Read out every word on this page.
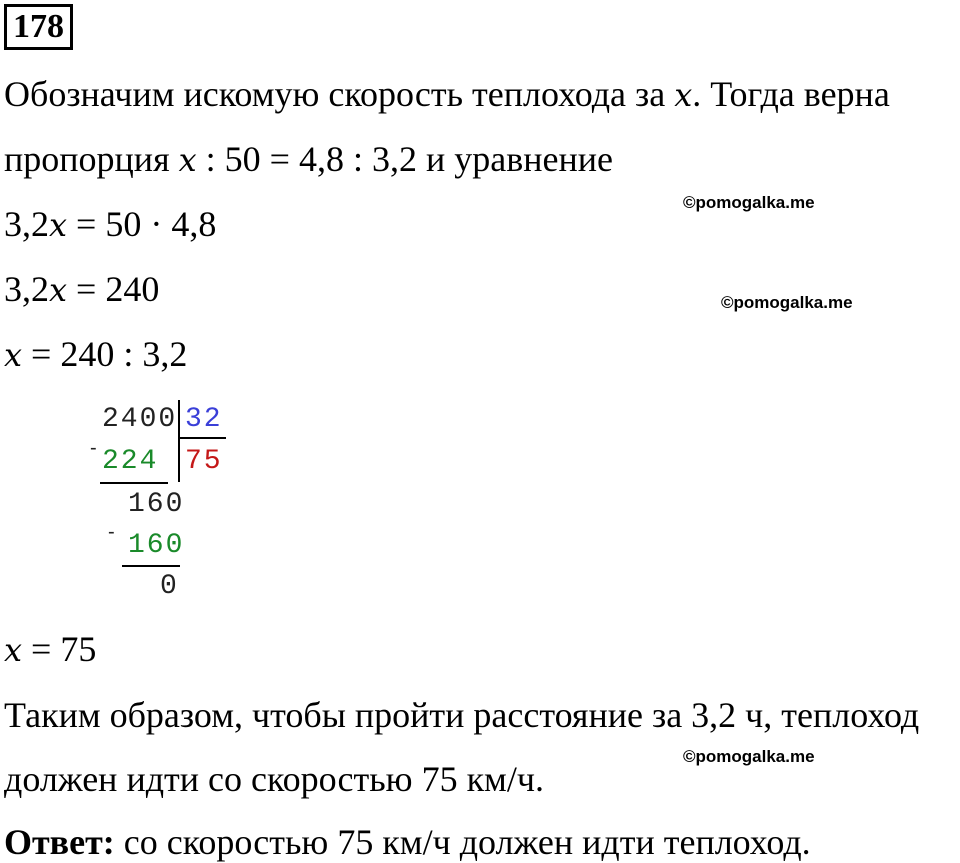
178
Обозначим искомую скорость теплохода за x. Тогда верна
пропорция x : 50 = 4,8 : 3,2 и уравнение
©pomogalka.me
3,2x = 50 · 4,8
3,2x = 240	©pomogalka.me
x = 240 : 3,2
2400 32
75
- 224
160
- 160
0
x = 75
Таким образом, чтобы пройти расстояние за 3,2 ч, теплоход
©pomogalka.me
должен идти со скоростью 75 км/ч.
Ответ: со скоростью 75 км/ч должен идти теплоход.
